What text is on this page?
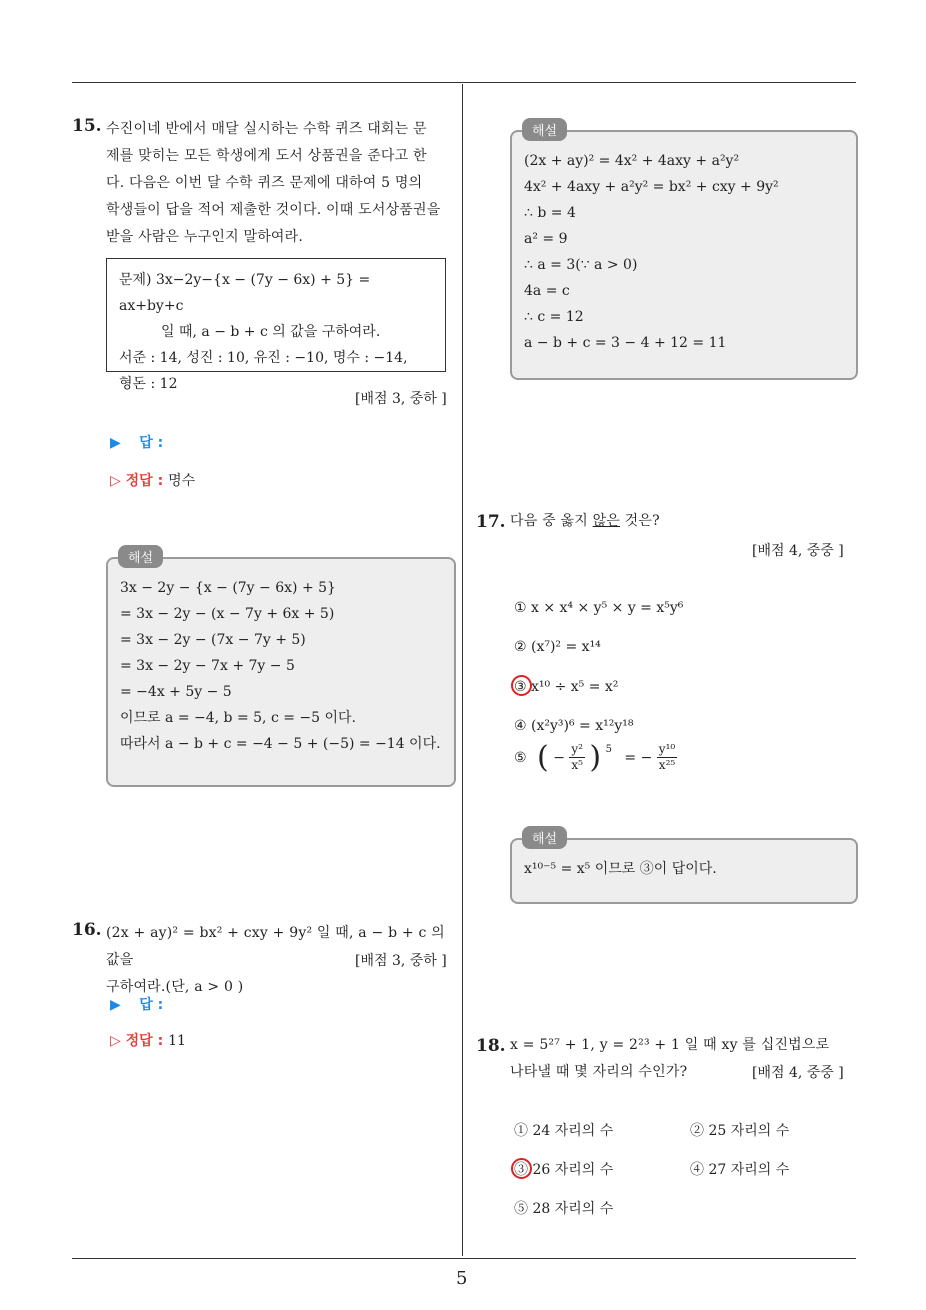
5
15. 수진이네 반에서 매달 실시하는 수학 퀴즈 대회는 문
제를 맞히는 모든 학생에게 도서 상품권을 준다고 한
다. 다음은 이번 달 수학 퀴즈 문제에 대하여 5 명의
학생들이 답을 적어 제출한 것이다. 이때 도서상품권을
받을 사람은 누구인지 말하여라.
문제) 3x−2y−{x − (7y − 6x) + 5} = ax+by+c
일 때, a − b + c 의 값을 구하여라.
서준 : 14, 성진 : 10, 유진 : −10, 명수 : −14,
형돈 : 12
[배점 3, 중하 ]
▶ 답 :
▷ 정답 : 명수
3x − 2y − {x − (7y − 6x) + 5}
= 3x − 2y − (x − 7y + 6x + 5)
= 3x − 2y − (7x − 7y + 5)
= 3x − 2y − 7x + 7y − 5
= −4x + 5y − 5
이므로 a = −4, b = 5, c = −5 이다.
따라서 a − b + c = −4 − 5 + (−5) = −14 이다.
해설
16. (2x + ay)² = bx² + cxy + 9y² 일 때, a − b + c 의 값을
구하여라.(단, a > 0 )
[배점 3, 중하 ]
▶ 답 :
▷ 정답 : 11
(2x + ay)² = 4x² + 4axy + a²y²
4x² + 4axy + a²y² = bx² + cxy + 9y²
∴ b = 4
a² = 9
∴ a = 3(∵ a > 0)
4a = c
∴ c = 12
a − b + c = 3 − 4 + 12 = 11
해설
17. 다음 중 옳지 않은 것은?
[배점 4, 중중 ]
① x × x⁴ × y⁵ × y = x⁵y⁶
② (x⁷)² = x¹⁴
③ x¹⁰ ÷ x⁵ = x²
④ (x²y³)⁶ = x¹²y¹⁸
⑤ ( − $\frac{\text{y²}}{\text{x⁵}}$ ) 5 = − $\frac{\text{y¹⁰}}{\text{x²⁵}}$
x¹⁰⁻⁵ = x⁵ 이므로 ③이 답이다.
해설
18. x = 5²⁷ + 1, y = 2²³ + 1 일 때 xy 를 십진법으로
나타낼 때 몇 자리의 수인가?	[배점 4, 중중 ]
① 24 자리의 수	② 25 자리의 수
③ 26 자리의 수	④ 27 자리의 수
⑤ 28 자리의 수
